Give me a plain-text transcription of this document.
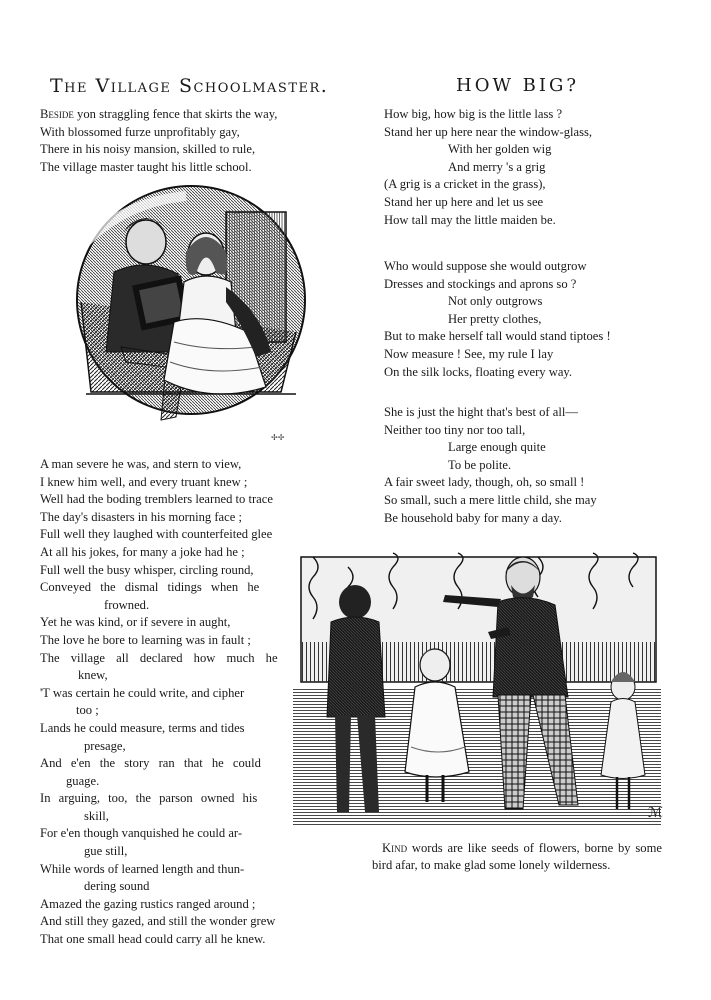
The Village Schoolmaster.
Beside yon straggling fence that skirts the way,
With blossomed furze unprofitably gay,
There in his noisy mansion, skilled to rule,
The village master taught his little school.
✢✢
A man severe he was, and stern to view,
I knew him well, and every truant knew ;
Well had the boding tremblers learned to trace
The day's disasters in his morning face ;
Full well they laughed with counterfeited glee
At all his jokes, for many a joke had he ;
Full well the busy whisper, circling round,
Conveyed the dismal tidings when he
frowned.
Yet he was kind, or if severe in aught,
The love he bore to learning was in fault ;
The village all declared how much he
knew,
'T was certain he could write, and cipher
too ;
Lands he could measure, terms and tides
presage,
And e'en the story ran that he could
guage.
In arguing, too, the parson owned his
skill,
For e'en though vanquished he could ar-
gue still,
While words of learned length and thun-
dering sound
Amazed the gazing rustics ranged around ;
And still they gazed, and still the wonder grew
That one small head could carry all he knew.
HOW BIG?
How big, how big is the little lass ?
Stand her up here near the window-glass,
With her golden wig
And merry 's a grig
(A grig is a cricket in the grass),
Stand her up here and let us see
How tall may the little maiden be.
Who would suppose she would outgrow
Dresses and stockings and aprons so ?
Not only outgrows
Her pretty clothes,
But to make herself tall would stand tiptoes !
Now measure ! See, my rule I lay
On the silk locks, floating every way.
She is just the hight that's best of all—
Neither too tiny nor too tall,
Large enough quite
To be polite.
A fair sweet lady, though, oh, so small !
So small, such a mere little child, she may
Be household baby for many a day.
ℳ
Kind words are like seeds of flowers, borne by some bird afar, to make glad some lonely wilderness.
